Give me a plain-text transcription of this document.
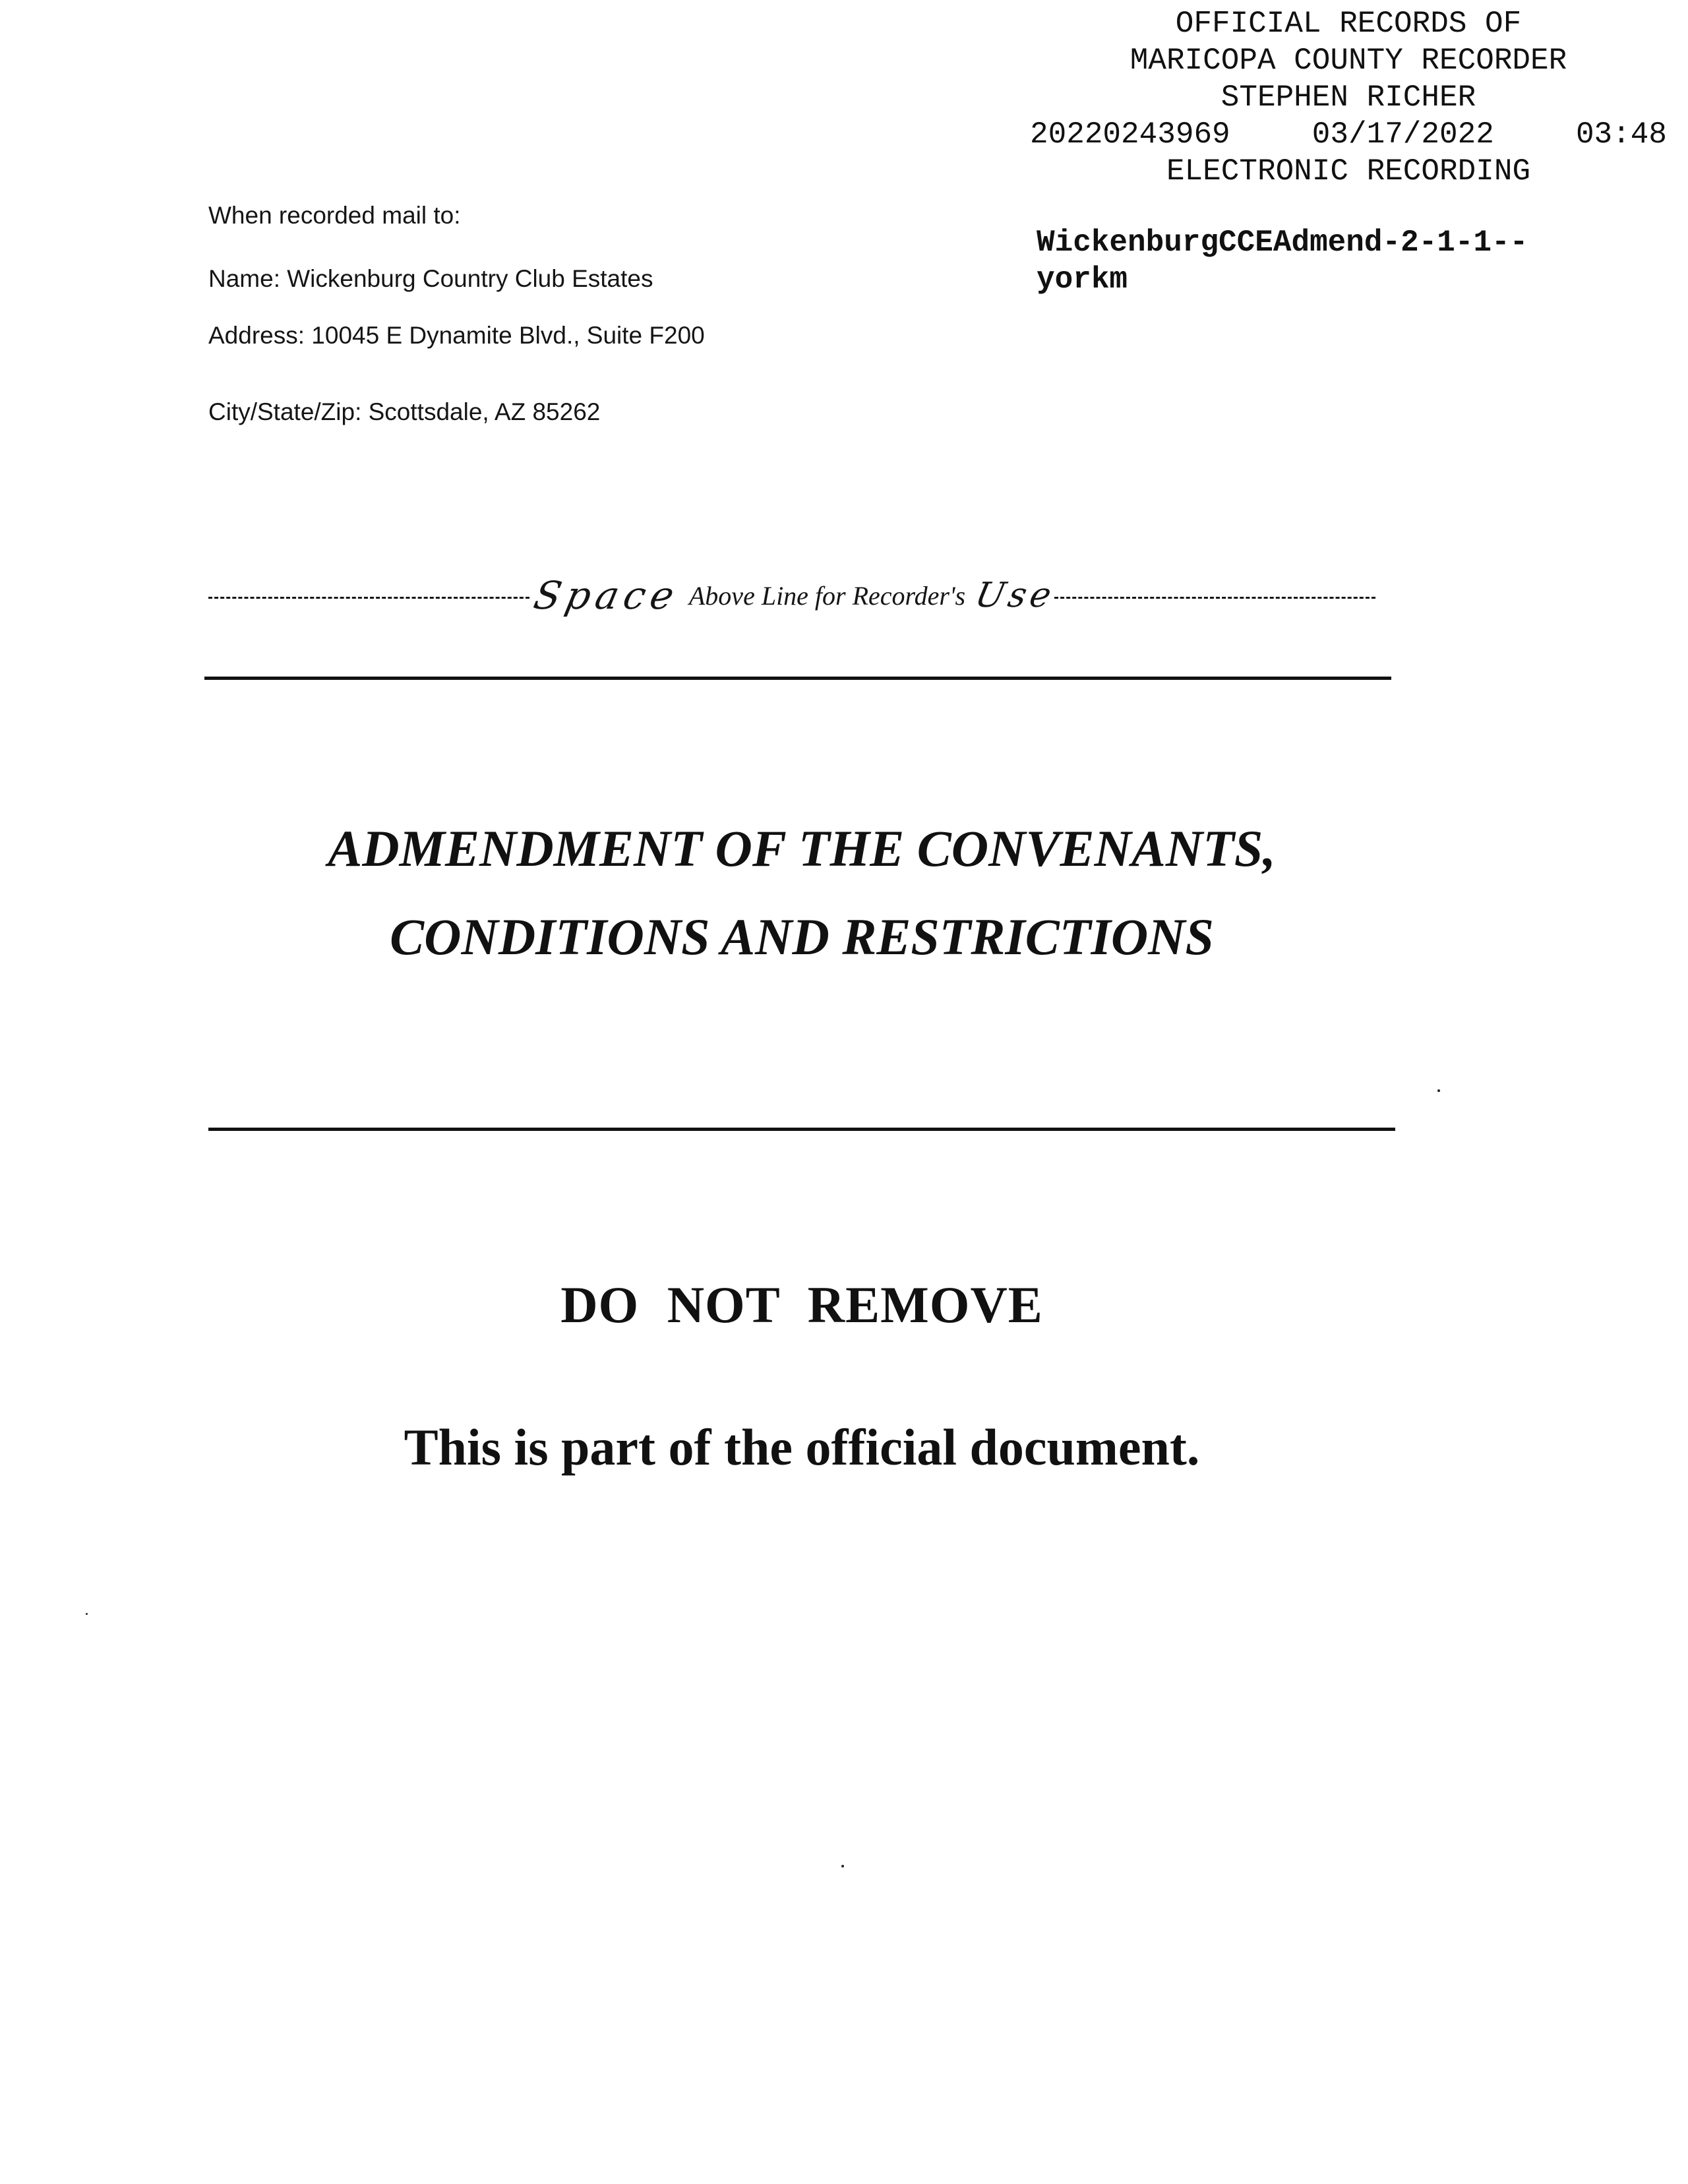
OFFICIAL RECORDS OF
MARICOPA COUNTY RECORDER
STEPHEN RICHER
20220243969	03/17/2022	03:48
ELECTRONIC RECORDING
WickenburgCCEAdmend-2-1-1--
yorkm
When recorded mail to:
Name: Wickenburg Country Club Estates
Address: 10045 E Dynamite Blvd., Suite F200
City/State/Zip: Scottsdale, AZ 85262
Space Above Line for Recorder's Use
ADMENDMENT OF THE CONVENANTS,
CONDITIONS AND RESTRICTIONS
DO NOT REMOVE
This is part of the official document.
